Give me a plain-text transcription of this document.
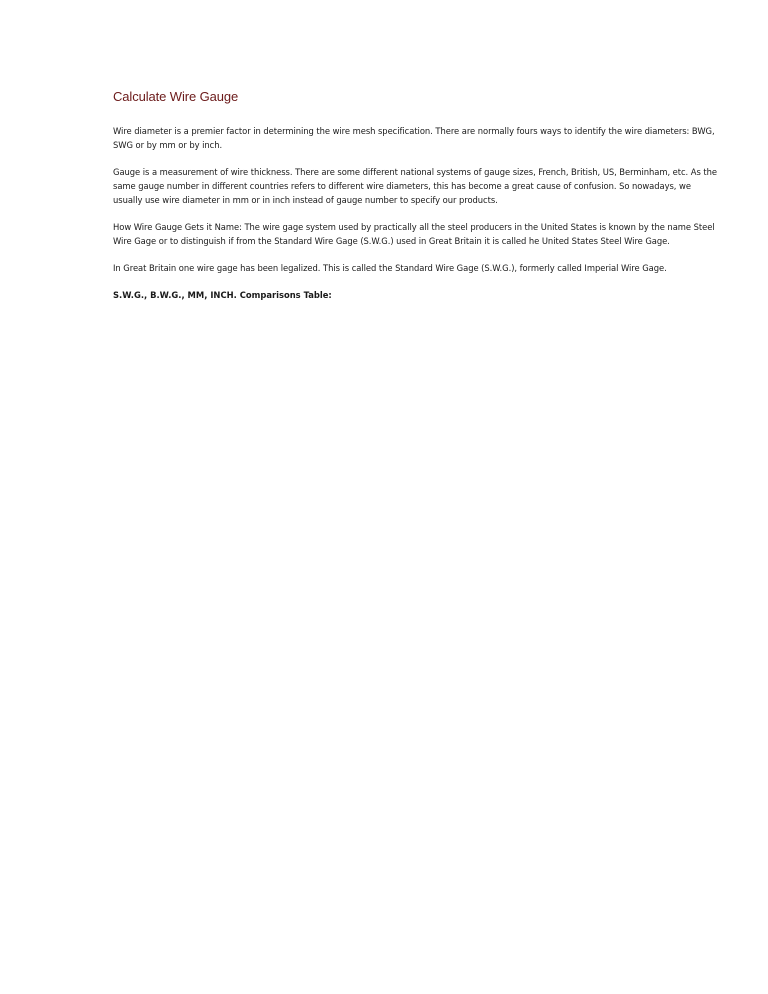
Calculate Wire Gauge

Wire diameter is a premier factor in determining the wire mesh specification. There are normally fours ways to identify the wire diameters: BWG, SWG or by mm or by inch.

Gauge is a measurement of wire thickness. There are some different national systems of gauge sizes, French, British, US, Berminham, etc. As the same gauge number in different countries refers to different wire diameters, this has become a great cause of confusion. So nowadays, we usually use wire diameter in mm or in inch instead of gauge number to specify our products.

How Wire Gauge Gets it Name: The wire gage system used by practically all the steel producers in the United States is known by the name Steel Wire Gage or to distinguish if from the Standard Wire Gage (S.W.G.) used in Great Britain it is called he United States Steel Wire Gage.

In Great Britain one wire gage has been legalized. This is called the Standard Wire Gage (S.W.G.), formerly called Imperial Wire Gage.

S.W.G., B.W.G., MM, INCH. Comparisons Table:
